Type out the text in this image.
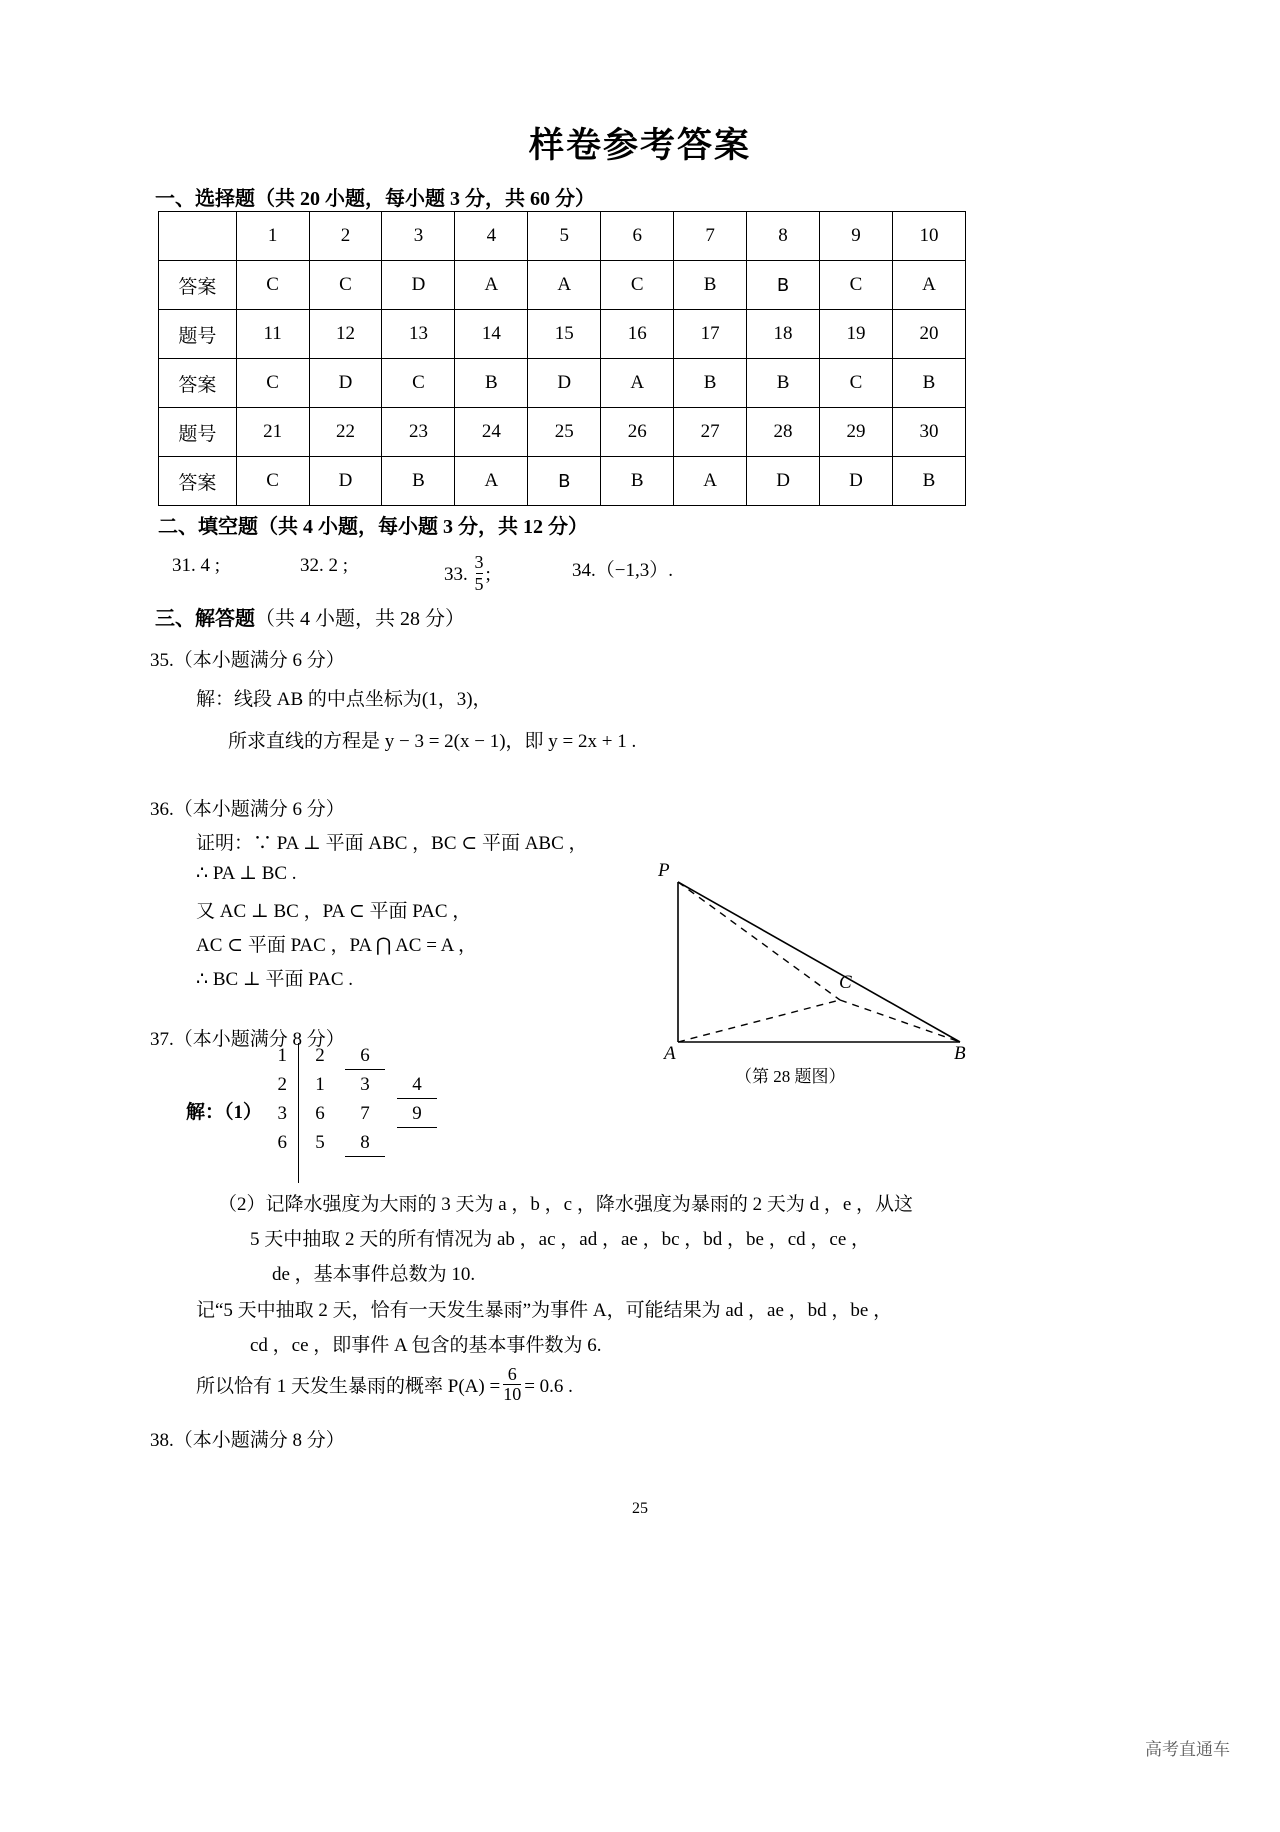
样卷参考答案
一、选择题（共 20 小题，每小题 3 分，共 60 分）
	1	2	3	4	5	6	7	8	9	10
答案	C	C	D	A	A	C	B	B	C	A
题号	11	12	13	14	15	16	17	18	19	20
答案	C	D	C	B	D	A	B	B	C	B
题号	21	22	23	24	25	26	27	28	29	30
答案	C	D	B	A	B	B	A	D	D	B
二、填空题（共 4 小题，每小题 3 分，共 12 分）
31. 4 ;	32. 2 ;	33. $\frac{3}{5}$ ;	34.（−1,3）.
三、解答题（共 4 小题，共 28 分）
35.（本小题满分 6 分）
解：线段 AB 的中点坐标为(1，3)，
所求直线的方程是 y − 3 = 2(x − 1)，即 y = 2x + 1 .
36.（本小题满分 6 分）
证明：∵ PA ⊥ 平面 ABC ，BC ⊂ 平面 ABC ，
∴ PA ⊥ BC .
又 AC ⊥ BC ，PA ⊂ 平面 PAC ，
AC ⊂ 平面 PAC ，PA ⋂ AC = A ，
∴ BC ⊥ 平面 PAC .
P
C
A	B
（第 28 题图）
37.（本小题满分 8 分）
解：（1）
1	2	6
2	1	3	4
3	6	7	9
6	5	8
（2）记降水强度为大雨的 3 天为 a ，b ，c ，降水强度为暴雨的 2 天为 d ，e ，从这
5 天中抽取 2 天的所有情况为 ab ，ac ，ad ，ae ，bc ，bd ，be ，cd ，ce ，
de ，基本事件总数为 10.
记“5 天中抽取 2 天，恰有一天发生暴雨”为事件 A，可能结果为 ad ，ae ，bd ，be ，
cd ，ce ，即事件 A 包含的基本事件数为 6.
所以恰有 1 天发生暴雨的概率 $P(A) = \frac{6}{10} = 0.6$ .
38.（本小题满分 8 分）
25
高考直通车
